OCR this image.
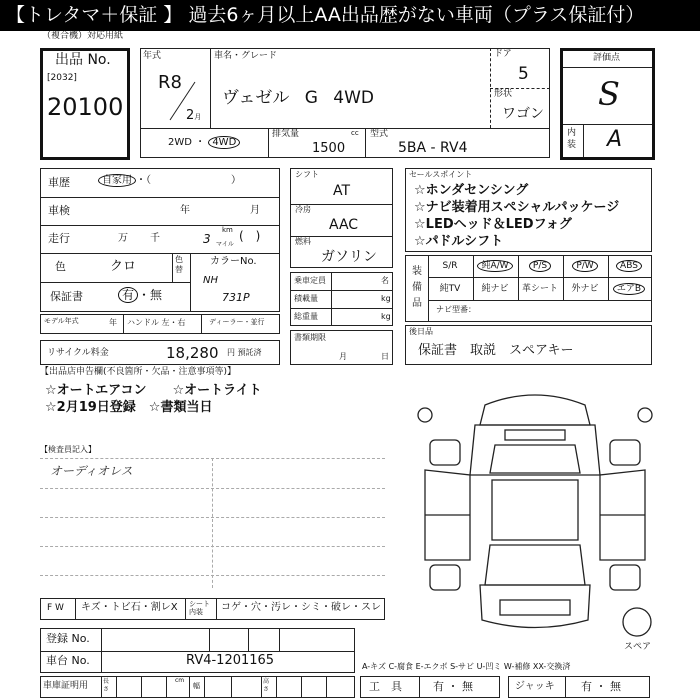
【トレタマ＋保証 】 過去6ヶ月以上AA出品歴がない車両（プラス保証付）
（複合機）対応用紙
出品 No.
[2032]
20100
年式
R8
2月
車名・グレード
ヴェゼル G 4WD
ドア
5
形状
ワゴン
2WD ・ 4WD
排気量	cc
1500
型式
5BA - RV4
評価点
S
内装 A
車歴	自家用 ・（　　　　　　　　）
車検	年	月
走行	万 千	3
km
マイル
(　)
色	クロ	色替
カラーNo.
NH
731P
保証書	有 ・無
モデル年式	年 ハンドル 左・右	ディーラー・並行
リサイクル料金	18,280 円 預託済
シフト
AT
冷房
AAC
燃料
ガソリン
乗車定員	名
積載量	kg
総重量	kg
書類期限
月	日
セールスポイント
☆ホンダセンシング
☆ナビ装着用スペシャルパッケージ
☆LEDヘッド＆LEDフォグ
☆パドルシフト
装備品
S/R	純A/W	P/S	P/W	ABS
純TV	純ナビ	革シート	外ナビ	エアB
ナビ型番：
後日品
保証書　取説　スペアキー
【出品店申告欄(不良箇所・欠品・注意事項等)】
☆オートエアコン　　☆オートライト
☆2月19日登録　☆書類当日
【検査員記入】
オーディオレス
F W キズ・トビ石・割レX シート内装	コゲ・穴・汚レ・シミ・破レ・スレ
登録 No.
車台 No.	RV4-1201165
車庫証明用 長さ
cm
幅
高さ
スペア
A-キズ C-腐食 E-エクボ S-サビ U-凹ミ W-補修 XX-交換済
工　具	有 ・ 無	ジャッキ 有 ・ 無
